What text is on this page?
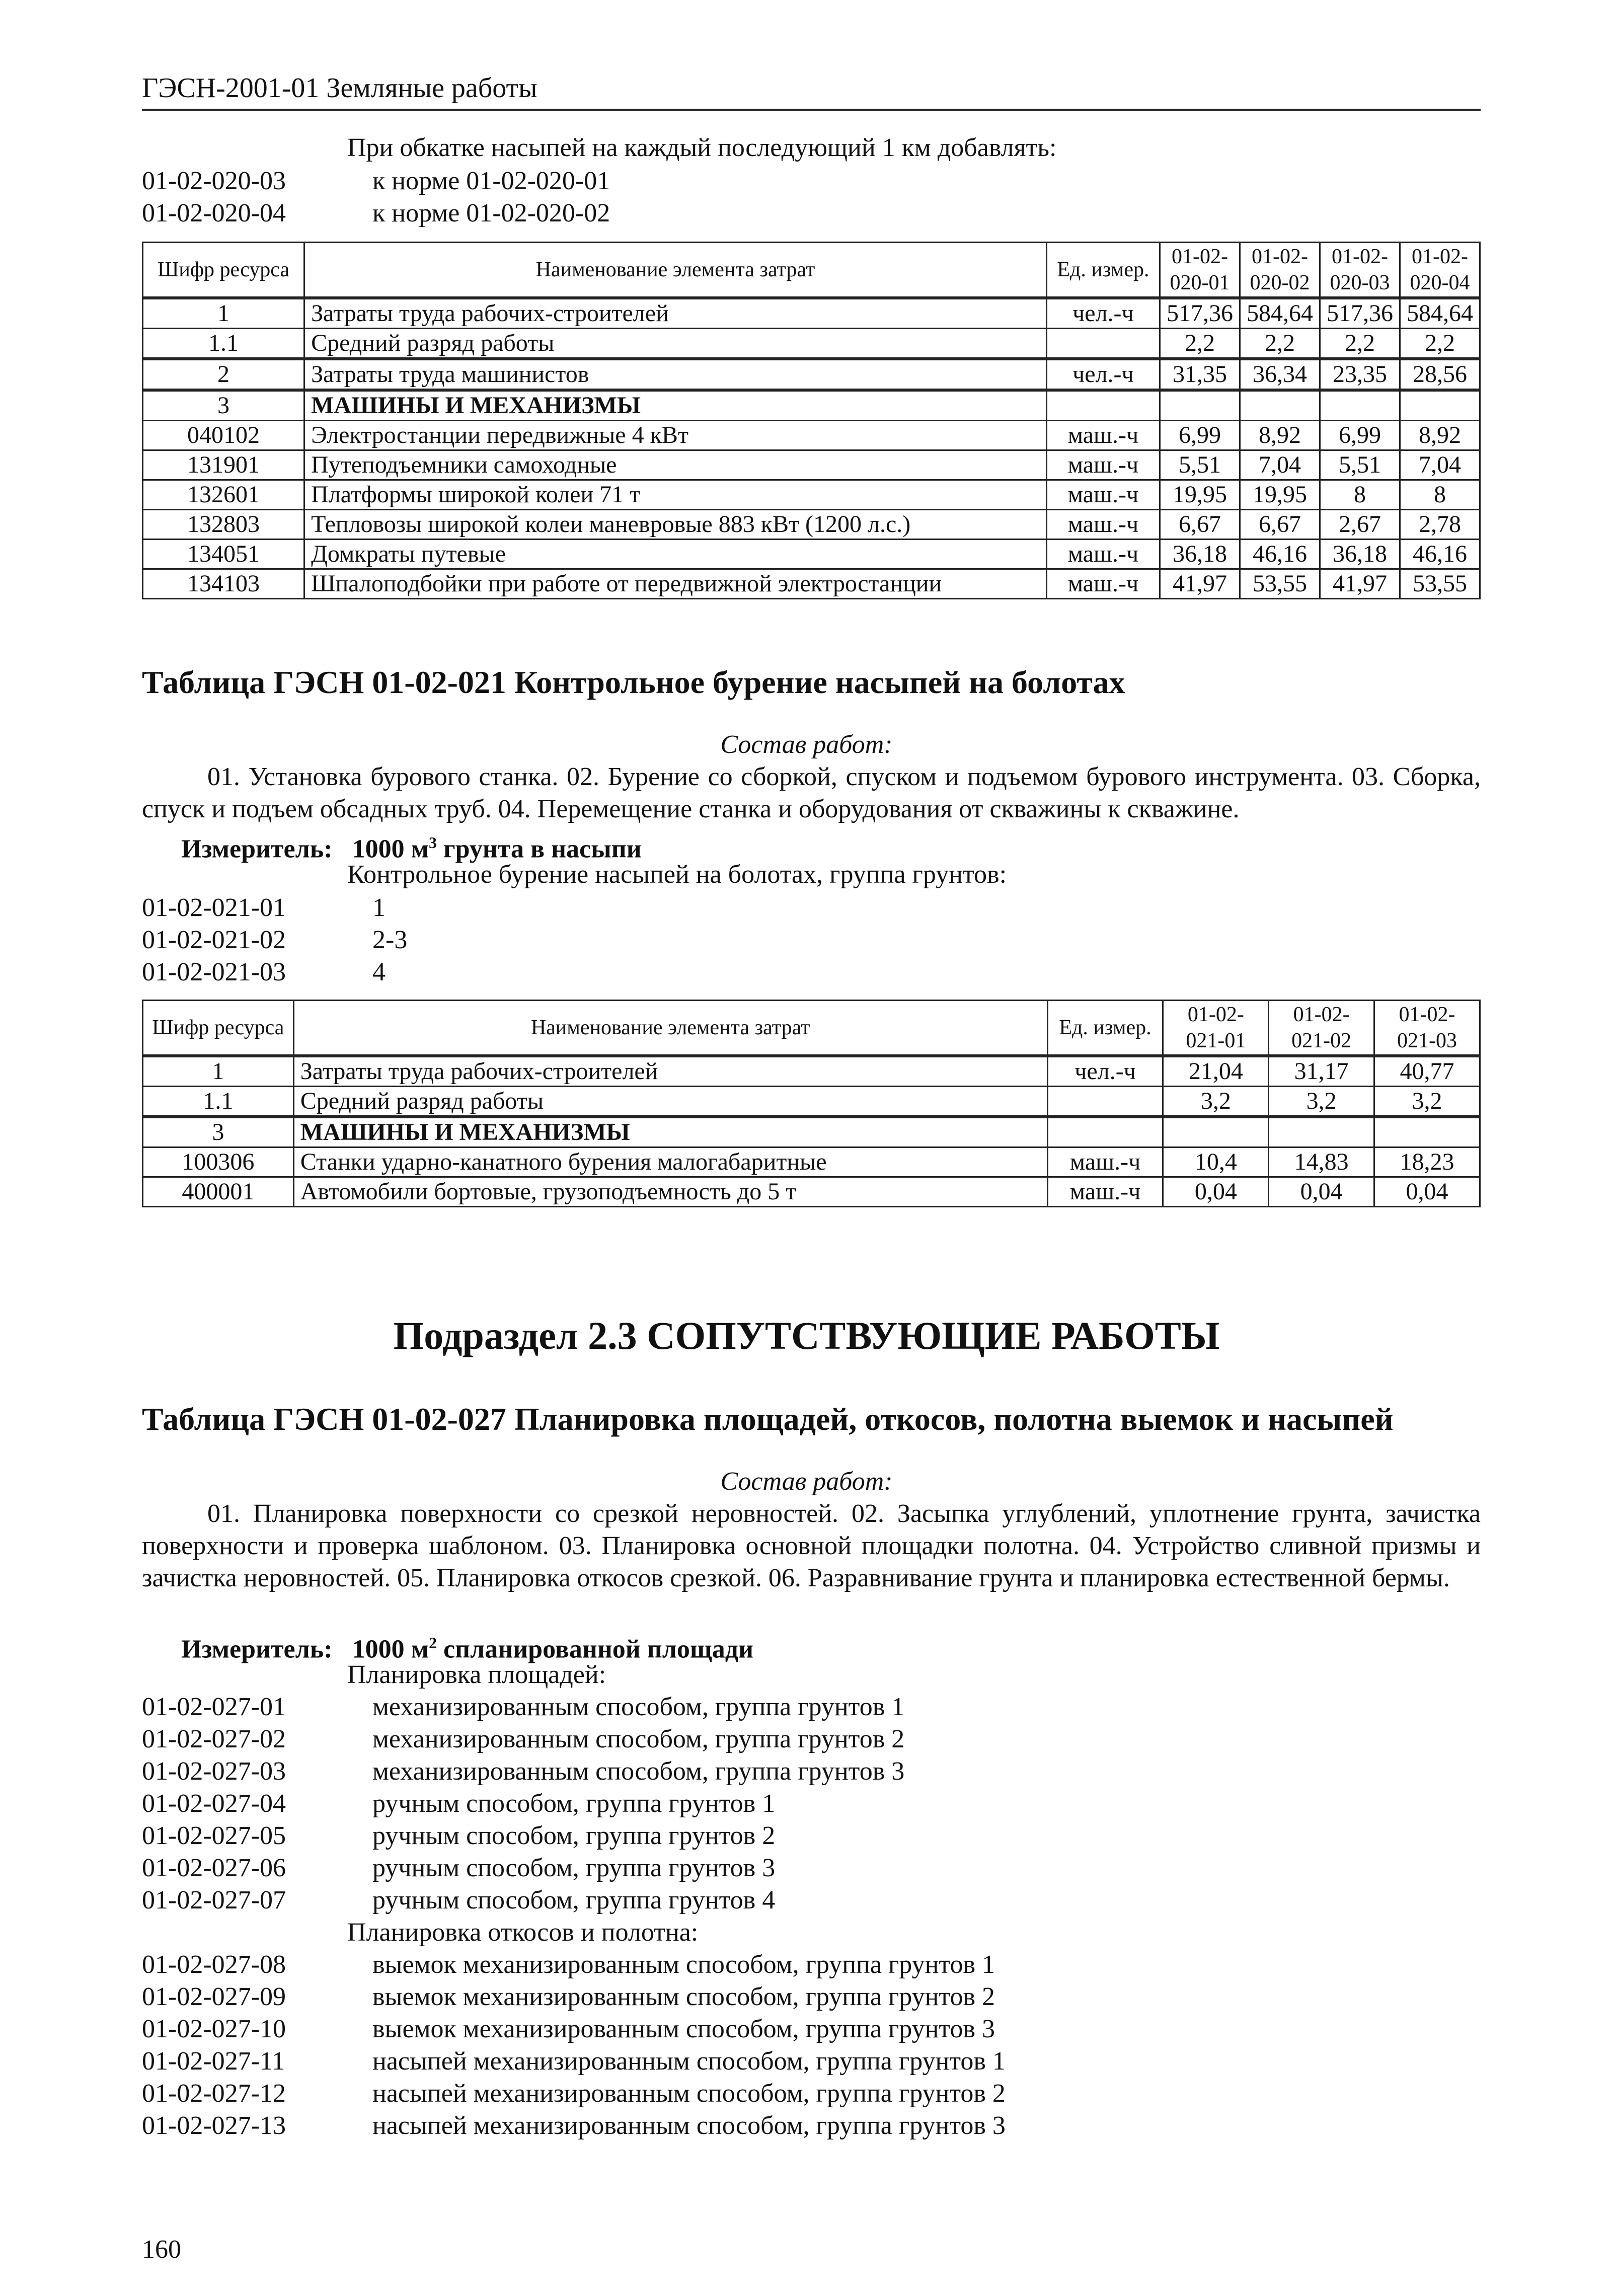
ГЭСН-2001-01 Земляные работы
При обкатке насыпей на каждый последующий 1 км добавлять:
01-02-020-03	к норме 01-02-020-01
01-02-020-04	к норме 01-02-020-02
Шифр ресурса	Наименование элемента затрат	Ед. измер.	01-02-020-01	01-02-020-02	01-02-020-03	01-02-020-04
1	Затраты труда рабочих-строителей	чел.-ч	517,36	584,64	517,36	584,64
1.1	Средний разряд работы		2,2	2,2	2,2	2,2
2	Затраты труда машинистов	чел.-ч	31,35	36,34	23,35	28,56
3	МАШИНЫ И МЕХАНИЗМЫ					
040102	Электростанции передвижные 4 кВт	маш.-ч	6,99	8,92	6,99	8,92
131901	Путеподъемники самоходные	маш.-ч	5,51	7,04	5,51	7,04
132601	Платформы широкой колеи 71 т	маш.-ч	19,95	19,95	8	8
132803	Тепловозы широкой колеи маневровые 883 кВт (1200 л.с.)	маш.-ч	6,67	6,67	2,67	2,78
134051	Домкраты путевые	маш.-ч	36,18	46,16	36,18	46,16
134103	Шпалоподбойки при работе от передвижной электростанции	маш.-ч	41,97	53,55	41,97	53,55
Таблица ГЭСН 01-02-021 Контрольное бурение насыпей на болотах
Состав работ:
01. Установка бурового станка. 02. Бурение со сборкой, спуском и подъемом бурового инструмента. 03. Сборка, спуск и подъем обсадных труб. 04. Перемещение станка и оборудования от скважины к скважине.
Измеритель: 1000 $м^3$ грунта в насыпи
Контрольное бурение насыпей на болотах, группа грунтов:
01-02-021-01	1
01-02-021-02	2-3
01-02-021-03	4
Шифр ресурса	Наименование элемента затрат	Ед. измер.	01-02-021-01	01-02-021-02	01-02-021-03
1	Затраты труда рабочих-строителей	чел.-ч	21,04	31,17	40,77
1.1	Средний разряд работы		3,2	3,2	3,2
3	МАШИНЫ И МЕХАНИЗМЫ				
100306	Станки ударно-канатного бурения малогабаритные	маш.-ч	10,4	14,83	18,23
400001	Автомобили бортовые, грузоподъемность до 5 т	маш.-ч	0,04	0,04	0,04
Подраздел 2.3 СОПУТСТВУЮЩИЕ РАБОТЫ
Таблица ГЭСН 01-02-027 Планировка площадей, откосов, полотна выемок и насыпей
Состав работ:
01. Планировка поверхности со срезкой неровностей. 02. Засыпка углублений, уплотнение грунта, зачистка поверхности и проверка шаблоном. 03. Планировка основной площадки полотна. 04. Устройство сливной призмы и зачистка неровностей. 05. Планировка откосов срезкой. 06. Разравнивание грунта и планировка естественной бермы.
Измеритель: 1000 $м^2$ спланированной площади
Планировка площадей:
01-02-027-01	механизированным способом, группа грунтов 1
01-02-027-02	механизированным способом, группа грунтов 2
01-02-027-03	механизированным способом, группа грунтов 3
01-02-027-04	ручным способом, группа грунтов 1
01-02-027-05	ручным способом, группа грунтов 2
01-02-027-06	ручным способом, группа грунтов 3
01-02-027-07	ручным способом, группа грунтов 4
Планировка откосов и полотна:
01-02-027-08	выемок механизированным способом, группа грунтов 1
01-02-027-09	выемок механизированным способом, группа грунтов 2
01-02-027-10	выемок механизированным способом, группа грунтов 3
01-02-027-11	насыпей механизированным способом, группа грунтов 1
01-02-027-12	насыпей механизированным способом, группа грунтов 2
01-02-027-13	насыпей механизированным способом, группа грунтов 3
160
